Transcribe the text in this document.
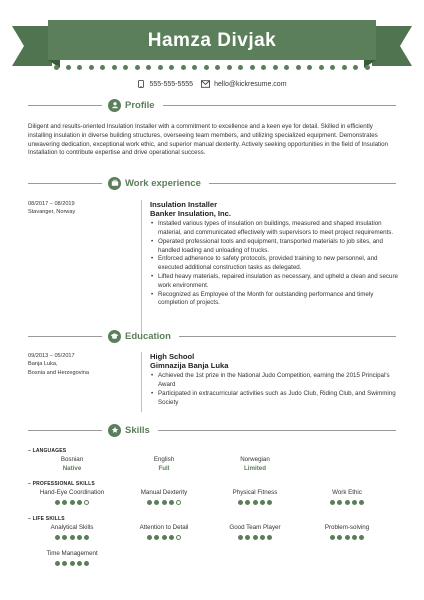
Hamza Divjak
555-555-5555	hello@kickresume.com
Profile
Diligent and results-oriented Insulation Installer with a commitment to excellence and a keen eye for detail. Skilled in efficiently installing insulation in diverse building structures, overseeing team members, and utilizing specialized equipment. Demonstrates unwavering dedication, exceptional work ethic, and superior manual dexterity. Actively seeking opportunities in the field of Insulation Installation to contribute expertise and drive operational success.
Work experience
08/2017 – 08/2019
Stavanger, Norway
Insulation Installer
Banker Insulation, Inc.
• Installed various types of insulation on buildings, measured and shaped insulation material, and communicated effectively with supervisors to meet project requirements.
• Operated professional tools and equipment, transported materials to job sites, and handled loading and unloading of trucks.
• Enforced adherence to safety protocols, provided training to new personnel, and executed additional construction tasks as delegated.
• Lifted heavy materials, repaired insulation as necessary, and upheld a clean and secure work environment.
• Recognized as Employee of the Month for outstanding performance and timely completion of projects.
Education
09/2013 – 05/2017
Banja Luka,
Bosnia and Herzegovina
High School
Gimnazija Banja Luka
• Achieved the 1st prize in the National Judo Competition, earning the 2015 Principal's Award
• Participated in extracurricular activities such as Judo Club, Riding Club, and Swimming Society
Skills
– LANGUAGES
Bosnian
Native
English
Full
Norwegian
Limited
– PROFESSIONAL SKILLS
Hand-Eye Coordination	Manual Dexterity	Physical Fitness	Work Ethic
– LIFE SKILLS
Analytical Skills	Attention to Detail	Good Team Player	Problem-solving
Time Management
